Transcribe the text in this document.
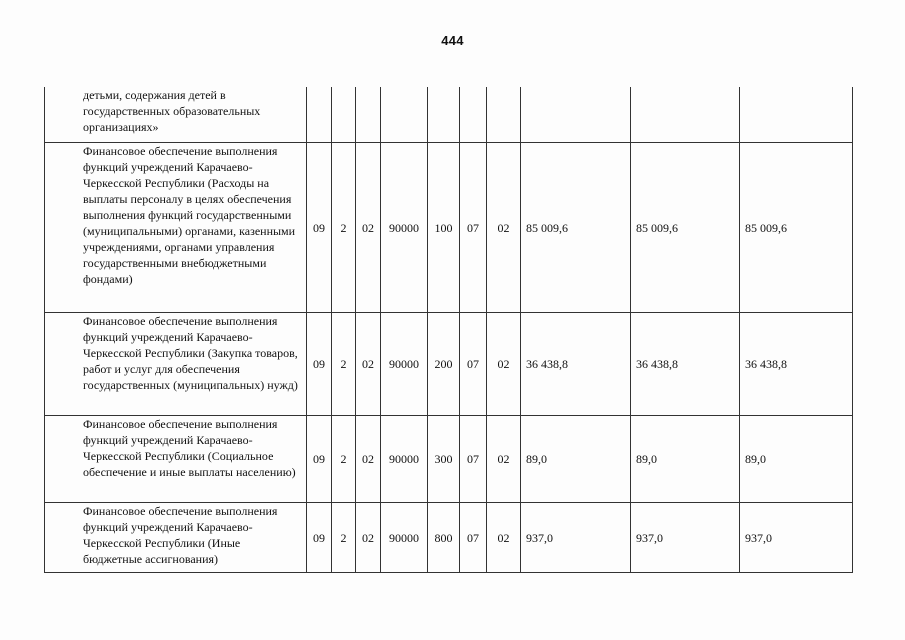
444
детьми, содержания детей в государственных образовательных организациях»										
Финансовое обеспечение выполнения функций учреждений Карачаево-Черкесской Республики (Расходы на выплаты персоналу в целях обеспечения выполнения функций государственными (муниципальными) органами, казенными учреждениями, органами управления государственными внебюджетными фондами)	09	2	02	90000	100	07	02	85 009,6	85 009,6	85 009,6
Финансовое обеспечение выполнения функций учреждений Карачаево-Черкесской Республики (Закупка товаров, работ и услуг для обеспечения государственных (муниципальных) нужд)	09	2	02	90000	200	07	02	36 438,8	36 438,8	36 438,8
Финансовое обеспечение выполнения функций учреждений Карачаево-Черкесской Республики (Социальное обеспечение и иные выплаты населению)	09	2	02	90000	300	07	02	89,0	89,0	89,0
Финансовое обеспечение выполнения функций учреждений Карачаево-Черкесской Республики (Иные бюджетные ассигнования)	09	2	02	90000	800	07	02	937,0	937,0	937,0
